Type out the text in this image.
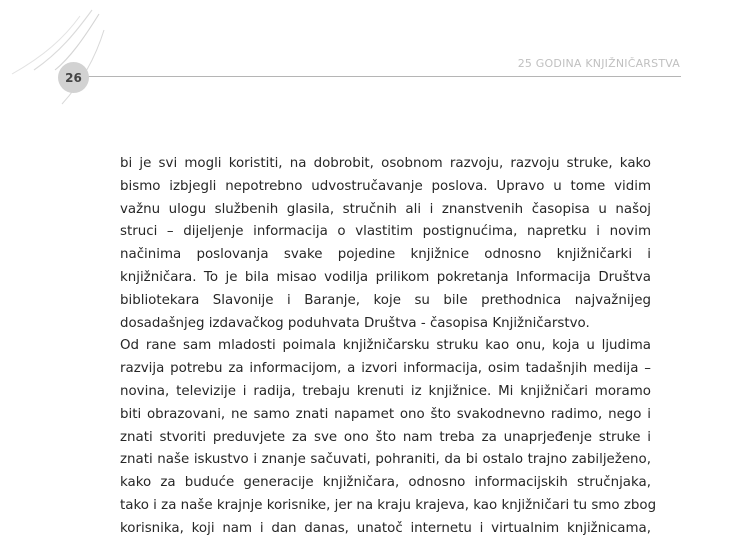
26
25 GODINA KNJIŽNIČARSTVA
bi je svi mogli koristiti, na dobrobit, osobnom razvoju, razvoju struke, kako
bismo izbjegli nepotrebno udvostručavanje poslova. Upravo u tome vidim
važnu ulogu službenih glasila, stručnih ali i znanstvenih časopisa u našoj
struci – dijeljenje informacija o vlastitim postignućima, napretku i novim
načinima poslovanja svake pojedine knjižnice odnosno knjižničarki i
knjižničara. To je bila misao vodilja prilikom pokretanja Informacija Društva
bibliotekara Slavonije i Baranje, koje su bile prethodnica najvažnijeg
dosadašnjeg izdavačkog poduhvata Društva - časopisa Knjižničarstvo.
Od rane sam mladosti poimala knjižničarsku struku kao onu, koja u ljudima
razvija potrebu za informacijom, a izvori informacija, osim tadašnjih medija –
novina, televizije i radija, trebaju krenuti iz knjižnice. Mi knjižničari moramo
biti obrazovani, ne samo znati napamet ono što svakodnevno radimo, nego i
znati stvoriti preduvjete za sve ono što nam treba za unaprjeđenje struke i
znati naše iskustvo i znanje sačuvati, pohraniti, da bi ostalo trajno zabilježeno,
kako za buduće generacije knjižničara, odnosno informacijskih stručnjaka,
tako i za naše krajnje korisnike, jer na kraju krajeva, kao knjižničari tu smo zbog
korisnika, koji nam i dan danas, unatoč internetu i virtualnim knjižnicama,
